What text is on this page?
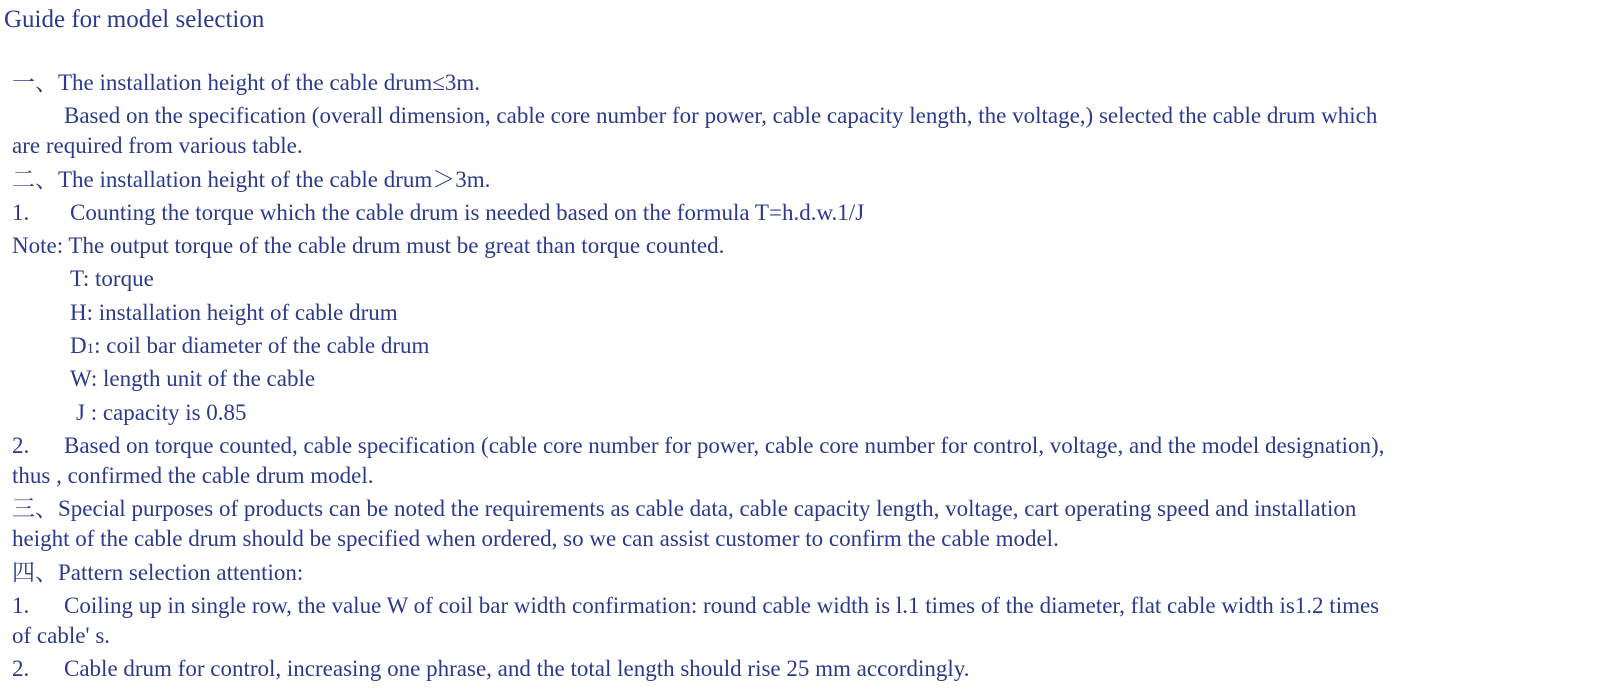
Guide for model selection
一、The installation height of the cable drum≤3m.
Based on the specification (overall dimension, cable core number for power, cable capacity length, the voltage,) selected the cable drum which
are required from various table.
二、The installation height of the cable drum＞3m.
1. Counting the torque which the cable drum is needed based on the formula T=h.d.w.1/J
Note: The output torque of the cable drum must be great than torque counted.
T: torque
H: installation height of cable drum
D1: coil bar diameter of the cable drum
W: length unit of the cable
J : capacity is 0.85
2. Based on torque counted, cable specification (cable core number for power, cable core number for control, voltage, and the model designation),
thus , confirmed the cable drum model.
三、Special purposes of products can be noted the requirements as cable data, cable capacity length, voltage, cart operating speed and installation
height of the cable drum should be specified when ordered, so we can assist customer to confirm the cable model.
四、Pattern selection attention:
1. Coiling up in single row, the value W of coil bar width confirmation: round cable width is l.1 times of the diameter, flat cable width is1.2 times
of cable' s.
2. Cable drum for control, increasing one phrase, and the total length should rise 25 mm accordingly.
